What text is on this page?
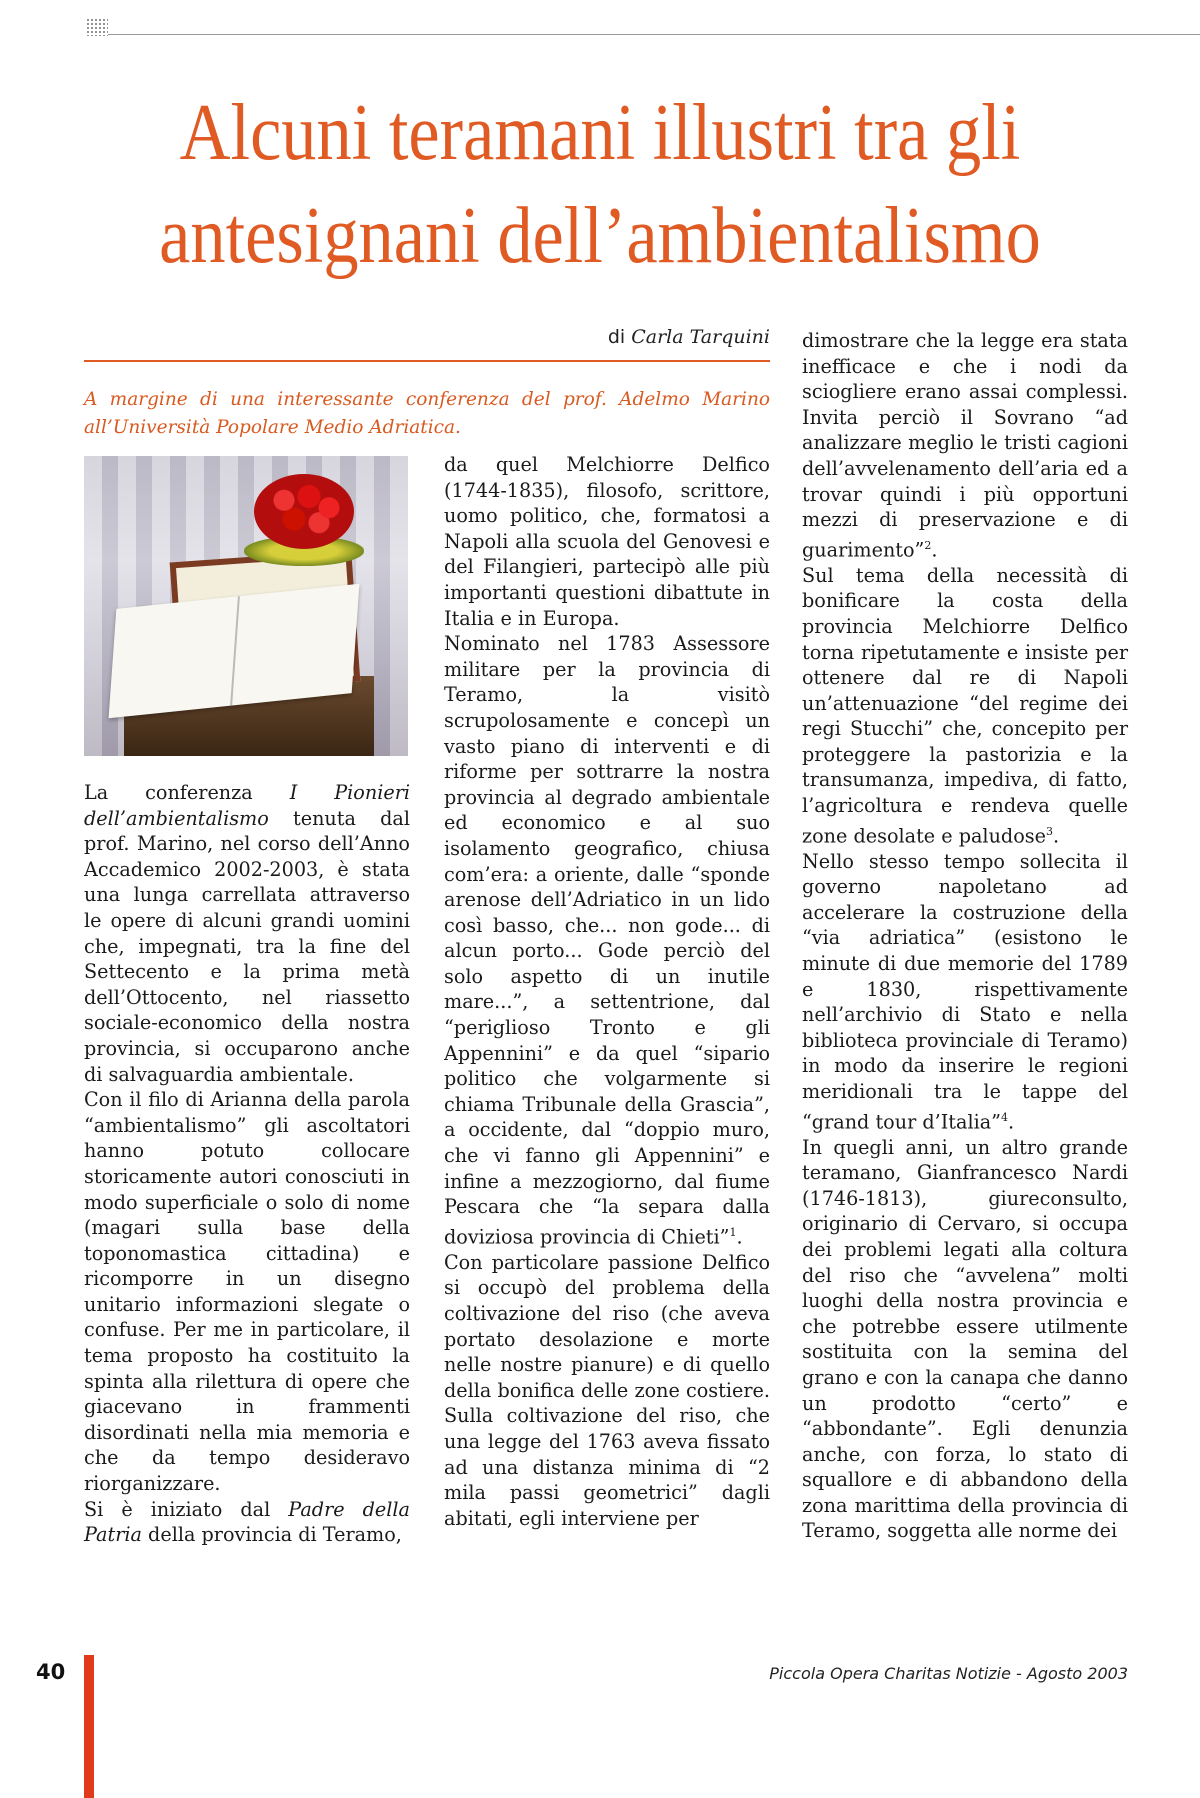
Alcuni teramani illustri tra gli
antesignani dell’ambientalismo
di Carla Tarquini
A margine di una interessante conferenza del prof. Adelmo Marino all’Università Popolare Medio Adriatica.

La conferenza I Pionieri dell’ambientalismo tenuta dal prof. Marino, nel corso dell’Anno Accademico 2002-2003, è stata una lunga carrellata attraverso le opere di alcuni grandi uomini che, impegnati, tra la fine del Settecento e la prima metà dell’Ottocento, nel riassetto sociale-economico della nostra provincia, si occuparono anche di salvaguardia ambientale.

Con il filo di Arianna della parola “ambientalismo” gli ascoltatori hanno potuto collocare storicamente autori conosciuti in modo superficiale o solo di nome (magari sulla base della toponomastica cittadina) e ricomporre in un disegno unitario informazioni slegate o confuse. Per me in particolare, il tema proposto ha costituito la spinta alla rilettura di opere che giacevano in frammenti disordinati nella mia memoria e che da tempo desideravo riorganizzare.

Si è iniziato dal Padre della Patria della provincia di Teramo,

da quel Melchiorre Delfico (1744-1835), filosofo, scrittore, uomo politico, che, formatosi a Napoli alla scuola del Genovesi e del Filangieri, partecipò alle più importanti questioni dibattute in Italia e in Europa.

Nominato nel 1783 Assessore militare per la provincia di Teramo, la visitò scrupolosamente e concepì un vasto piano di interventi e di riforme per sottrarre la nostra provincia al degrado ambientale ed economico e al suo isolamento geografico, chiusa com’era: a oriente, dalle “sponde arenose dell’Adriatico in un lido così basso, che... non gode... di alcun porto... Gode perciò del solo aspetto di un inutile mare...”, a settentrione, dal “periglioso Tronto e gli Appennini” e da quel “sipario politico che volgarmente si chiama Tribunale della Grascia”, a occidente, dal “doppio muro, che vi fanno gli Appennini” e infine a mezzogiorno, dal fiume Pescara che “la separa dalla doviziosa provincia di Chieti”$^1$.

Con particolare passione Delfico si occupò del problema della coltivazione del riso (che aveva portato desolazione e morte nelle nostre pianure) e di quello della bonifica delle zone costiere. Sulla coltivazione del riso, che una legge del 1763 aveva fissato ad una distanza minima di “2 mila passi geometrici” dagli abitati, egli interviene per

dimostrare che la legge era stata inefficace e che i nodi da sciogliere erano assai complessi. Invita perciò il Sovrano “ad analizzare meglio le tristi cagioni dell’avvelenamento dell’aria ed a trovar quindi i più opportuni mezzi di preservazione e di guarimento”$^2$.

Sul tema della necessità di bonificare la costa della provincia Melchiorre Delfico torna ripetutamente e insiste per ottenere dal re di Napoli un’attenuazione “del regime dei regi Stucchi” che, concepito per proteggere la pastorizia e la transumanza, impediva, di fatto, l’agricoltura e rendeva quelle zone desolate e paludose$^3$.

Nello stesso tempo sollecita il governo napoletano ad accelerare la costruzione della “via adriatica” (esistono le minute di due memorie del 1789 e 1830, rispettivamente nell’archivio di Stato e nella biblioteca provinciale di Teramo) in modo da inserire le regioni meridionali tra le tappe del “grand tour d’Italia”$^4$.

In quegli anni, un altro grande teramano, Gianfrancesco Nardi (1746-1813), giureconsulto, originario di Cervaro, si occupa dei problemi legati alla coltura del riso che “avvelena” molti luoghi della nostra provincia e che potrebbe essere utilmente sostituita con la semina del grano e con la canapa che danno un prodotto “certo” e “abbondante”. Egli denunzia anche, con forza, lo stato di squallore e di abbandono della zona marittima della provincia di Teramo, soggetta alle norme dei

40	Piccola Opera Charitas Notizie - Agosto 2003
